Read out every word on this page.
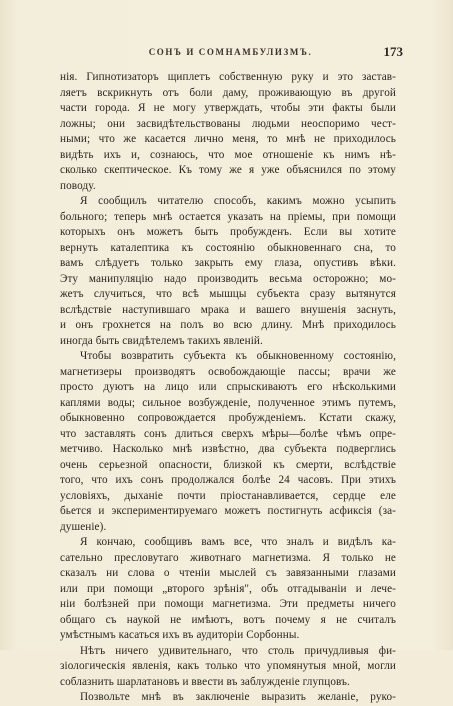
СОНЪ И СОМНАМБУЛИЗМЪ.	173
нія. Гипнотизаторъ щиплетъ собственную руку и это застав-
ляетъ вскрикнуть отъ боли даму, проживающую въ другой
части города. Я не могу утверждать, чтобы эти факты были
ложны; они засвидѣтельствованы людьми неоспоримо чест-
ными; что же касается лично меня, то мнѣ не приходилось
видѣть ихъ и, сознаюсь, что мое отношеніе къ нимъ нѣ-
сколько скептическое. Къ тому же я уже объяснился по этому
поводу.
Я сообщилъ читателю способъ, какимъ можно усыпить
больного; теперь мнѣ остается указать на пріемы, при помощи
которыхъ онъ можетъ быть пробужденъ. Если вы хотите
вернуть каталептика къ состоянію обыкновеннаго сна, то
вамъ слѣдуетъ только закрыть ему глаза, опустивъ вѣки.
Эту манипуляцію надо производить весьма осторожно; мо-
жетъ случиться, что всѣ мышцы субъекта сразу вытянутся
вслѣдствіе наступившаго мрака и вашего внушенія заснуть,
и онъ грохнется на полъ во всю длину. Мнѣ приходилось
иногда быть свидѣтелемъ такихъ явленій.
Чтобы возвратить субъекта къ обыкновенному состоянію,
магнетизеры производятъ освобождающіе пассы; врачи же
просто дуютъ на лицо или спрыскиваютъ его нѣсколькими
каплями воды; сильное возбужденіе, полученное этимъ путемъ,
обыкновенно сопровождается пробужденіемъ. Кстати скажу,
что заставлять сонъ длиться сверхъ мѣры—болѣе чѣмъ опре-
метчиво. Насколько мнѣ извѣстно, два субъекта подверглись
очень серьезной опасности, близкой къ смерти, вслѣдствіе
того, что ихъ сонъ продолжался болѣе 24 часовъ. При этихъ
условіяхъ, дыханіе почти пріостанавливается, сердце еле
бьется и экспериментируемаго можетъ постигнуть асфиксія (за-
душеніе).
Я кончаю, сообщивъ вамъ все, что зналъ и видѣлъ ка-
сательно пресловутаго животнаго магнетизма. Я только не
сказалъ ни слова о чтеніи мыслей съ завязанными глазами
или при помощи „второго зрѣнія", объ отгадываніи и лече-
ніи болѣзней при помощи магнетизма. Эти предметы ничего
общаго съ наукой не имѣютъ, вотъ почему я не считалъ
умѣстнымъ касаться ихъ въ аудиторіи Сорбонны.
Нѣтъ ничего удивительнаго, что столь причудливыя фи-
зіологическія явленія, какъ только что упомянутыя мной, могли
соблазнить шарлатановъ и ввести въ заблужденіе глупцовъ.
Позвольте мнѣ въ заключеніе выразить желаніе, руко-
